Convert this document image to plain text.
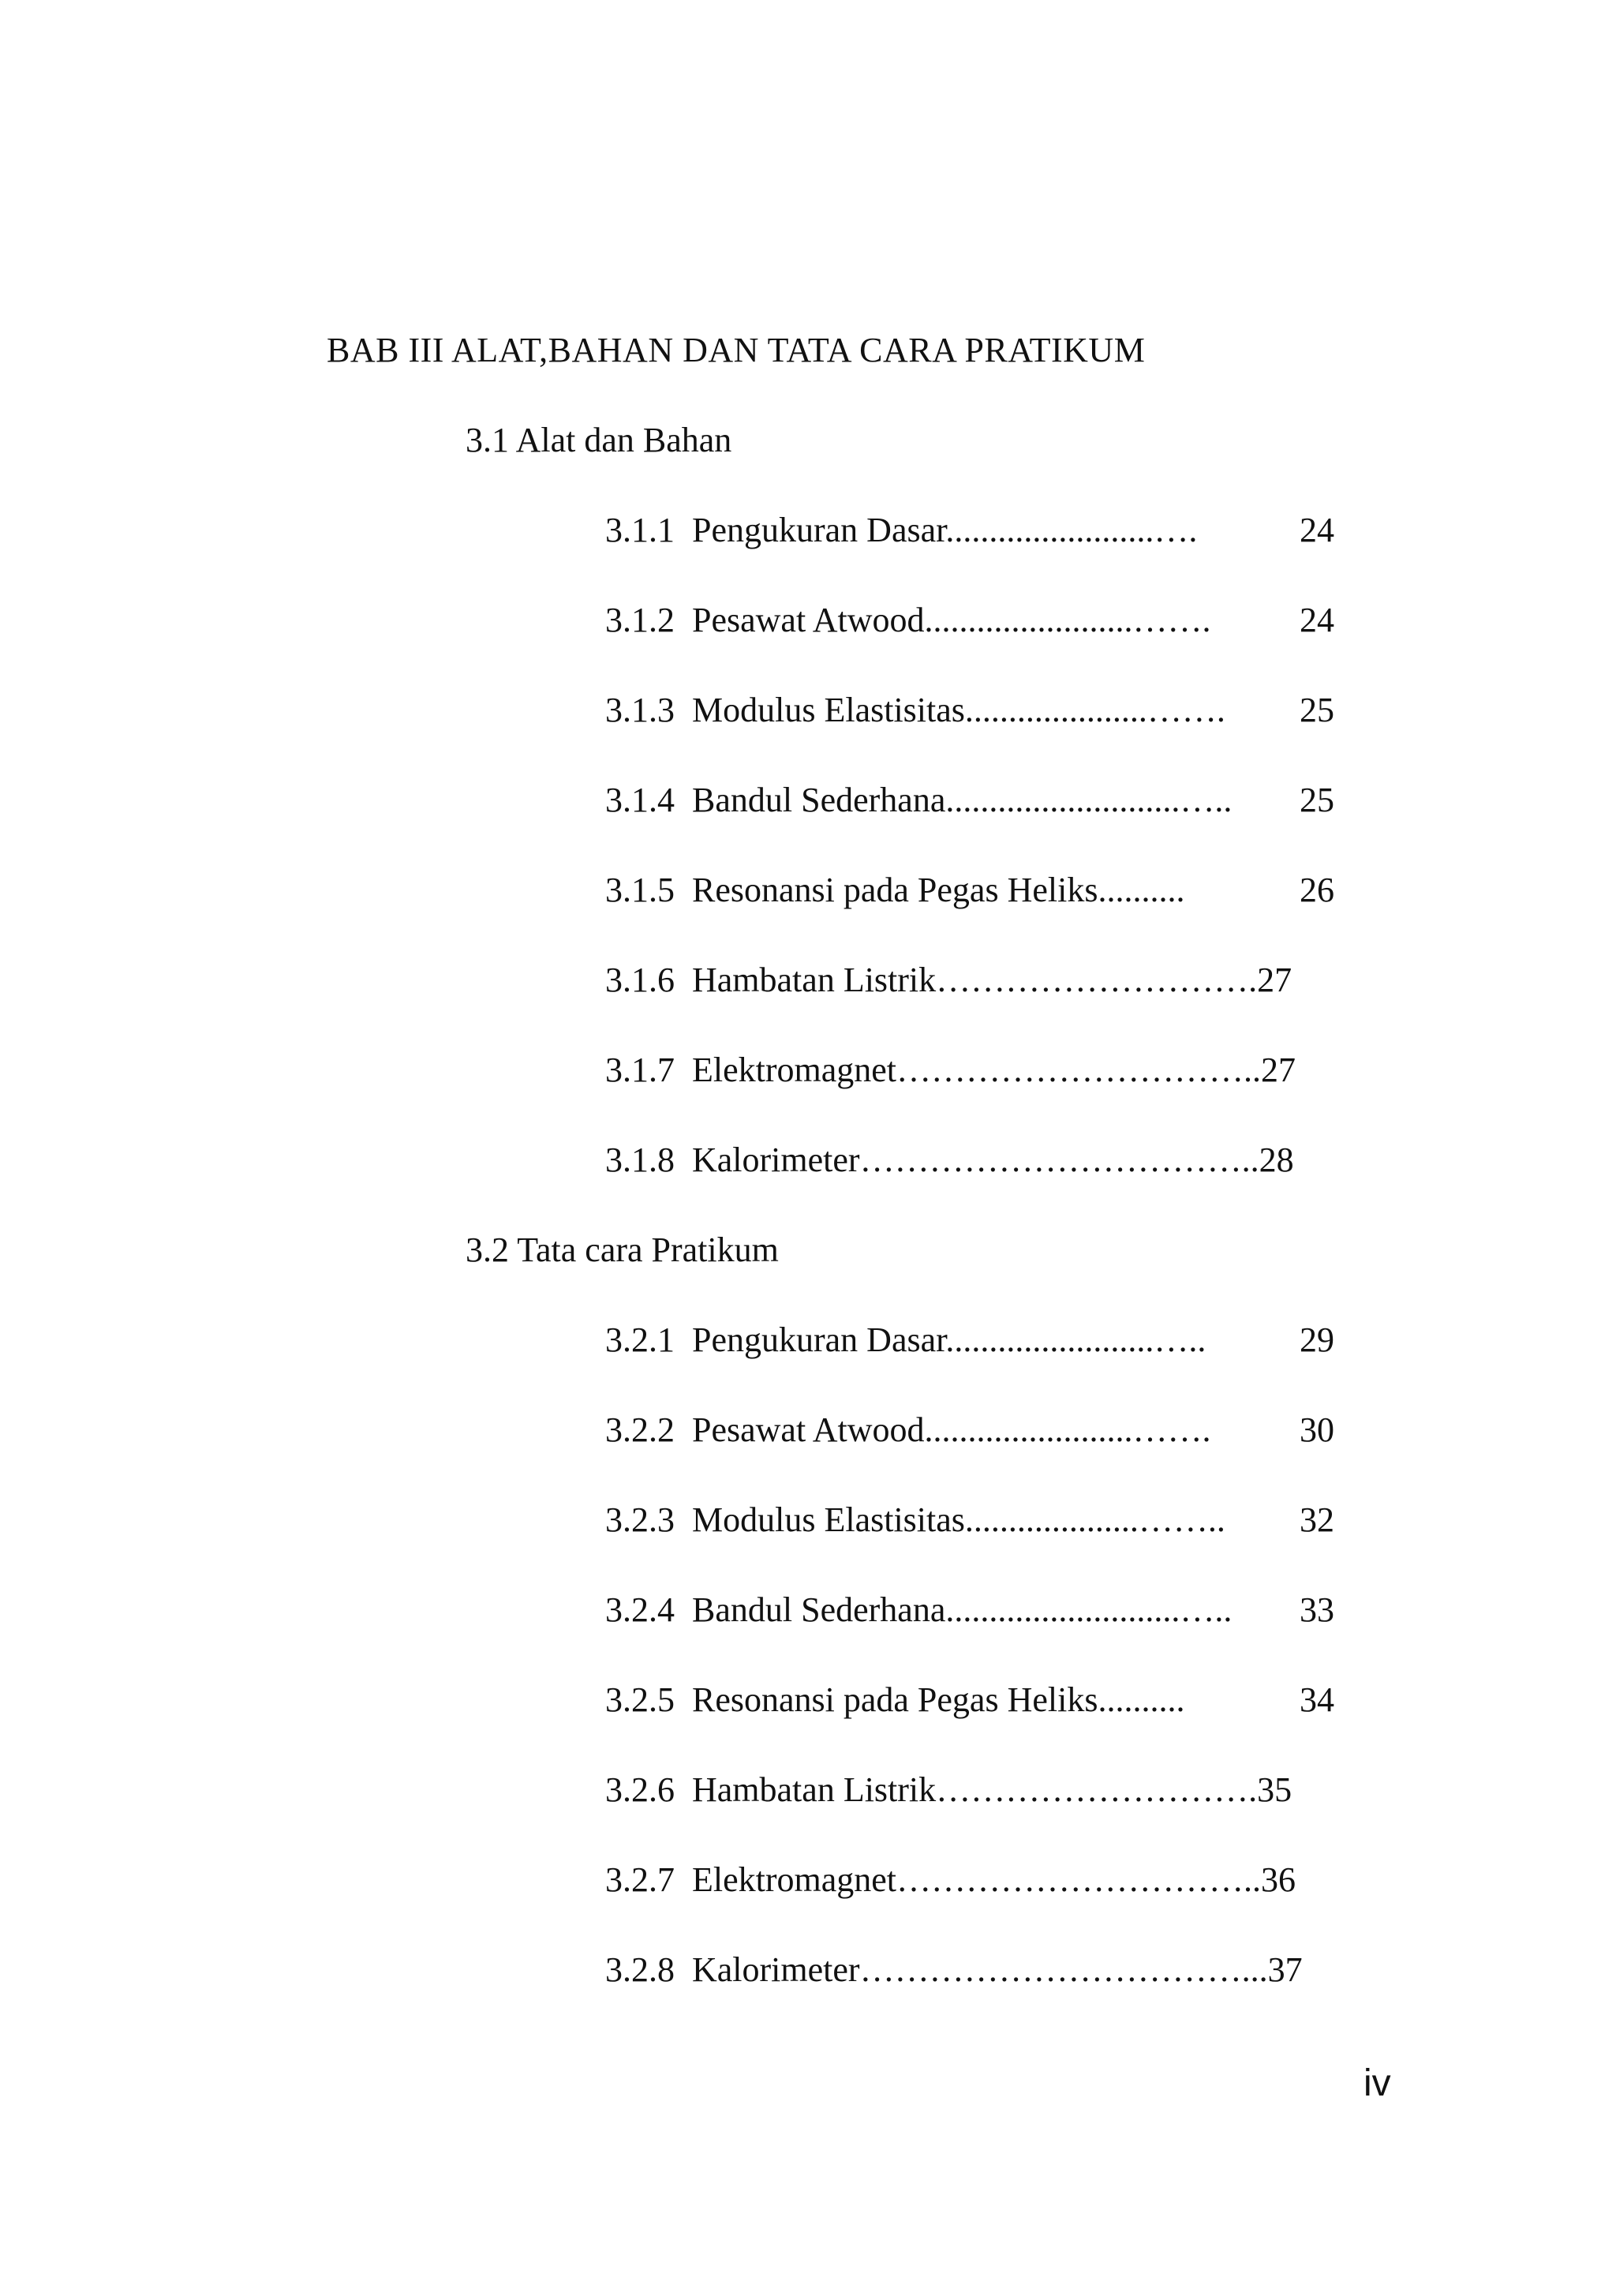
BAB III ALAT,BAHAN DAN TATA CARA PRATIKUM
3.1 Alat dan Bahan
3.1.1 Pengukuran Dasar........................….	24
3.1.2 Pesawat Atwood........................…….	24
3.1.3 Modulus Elastisitas.....................……. 25
3.1.4 Bandul Sederhana...........................….. 25
3.1.5 Resonansi pada Pegas Heliks..........	26
3.1.6 Hambatan Listrik……………………….27
3.1.7 Elektromagnet…………………………..27
3.1.8 Kalorimeter……………………………..28
3.2 Tata cara Pratikum
3.2.1 Pengukuran Dasar........................…..	29
3.2.2 Pesawat Atwood........................…….	30
3.2.3 Modulus Elastisitas....................…….. 32
3.2.4 Bandul Sederhana...........................….. 33
3.2.5 Resonansi pada Pegas Heliks..........	34
3.2.6 Hambatan Listrik……………………….35
3.2.7 Elektromagnet…………………………..36
3.2.8 Kalorimeter……………………………...37
iv
